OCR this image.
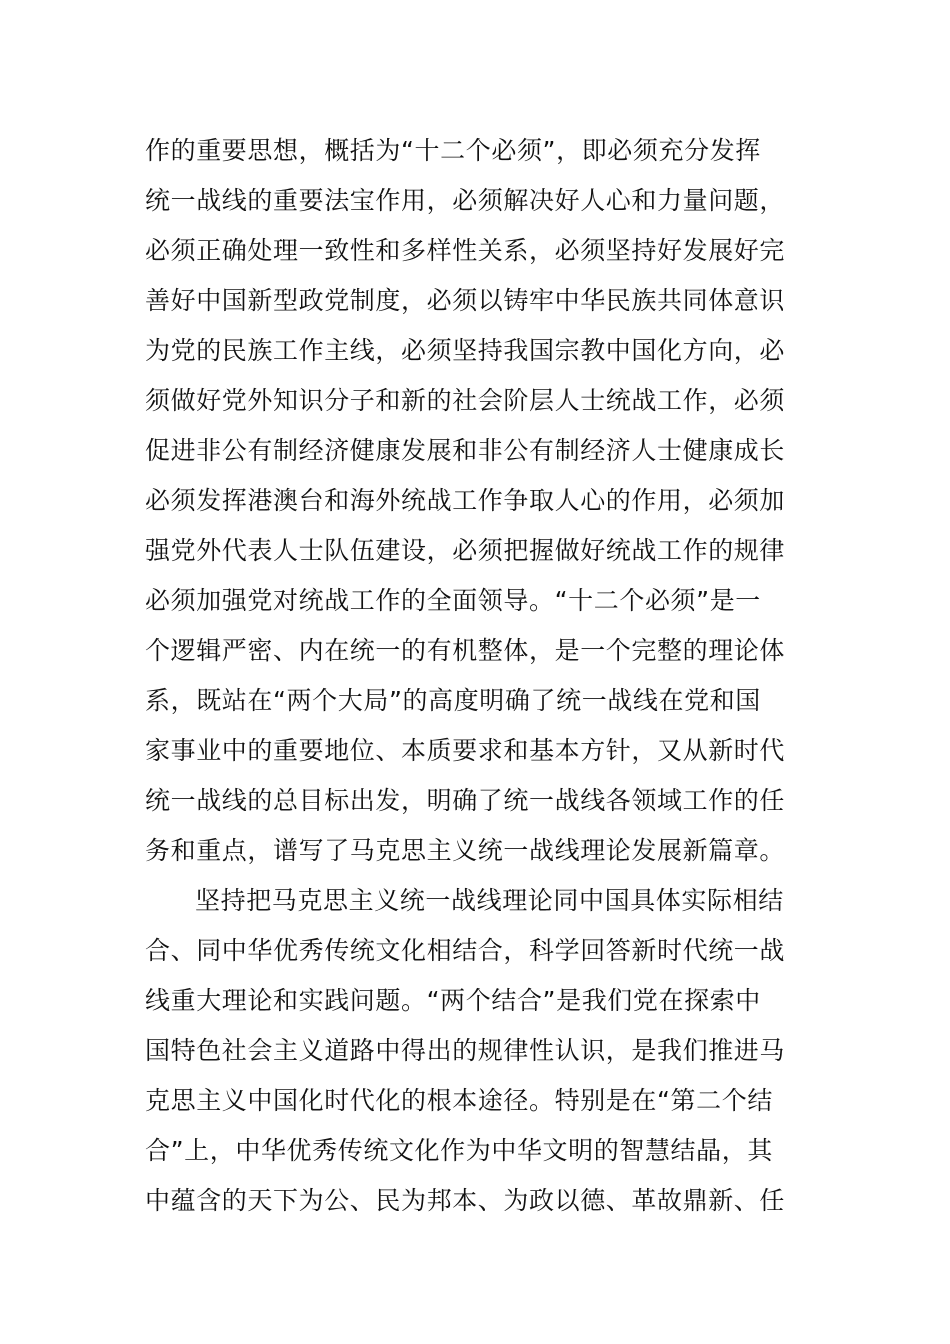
作的重要思想，概括为“十二个必须”，即必须充分发挥
统一战线的重要法宝作用，必须解决好人心和力量问题，
必须正确处理一致性和多样性关系，必须坚持好发展好完
善好中国新型政党制度，必须以铸牢中华民族共同体意识
为党的民族工作主线，必须坚持我国宗教中国化方向，必
须做好党外知识分子和新的社会阶层人士统战工作，必须
促进非公有制经济健康发展和非公有制经济人士健康成长
必须发挥港澳台和海外统战工作争取人心的作用，必须加
强党外代表人士队伍建设，必须把握做好统战工作的规律
必须加强党对统战工作的全面领导。“十二个必须”是一
个逻辑严密、内在统一的有机整体，是一个完整的理论体
系，既站在“两个大局”的高度明确了统一战线在党和国
家事业中的重要地位、本质要求和基本方针，又从新时代
统一战线的总目标出发，明确了统一战线各领域工作的任
务和重点，谱写了马克思主义统一战线理论发展新篇章。
坚持把马克思主义统一战线理论同中国具体实际相结
合、同中华优秀传统文化相结合，科学回答新时代统一战
线重大理论和实践问题。“两个结合”是我们党在探索中
国特色社会主义道路中得出的规律性认识，是我们推进马
克思主义中国化时代化的根本途径。特别是在“第二个结
合”上，中华优秀传统文化作为中华文明的智慧结晶，其
中蕴含的天下为公、民为邦本、为政以德、革故鼎新、任
